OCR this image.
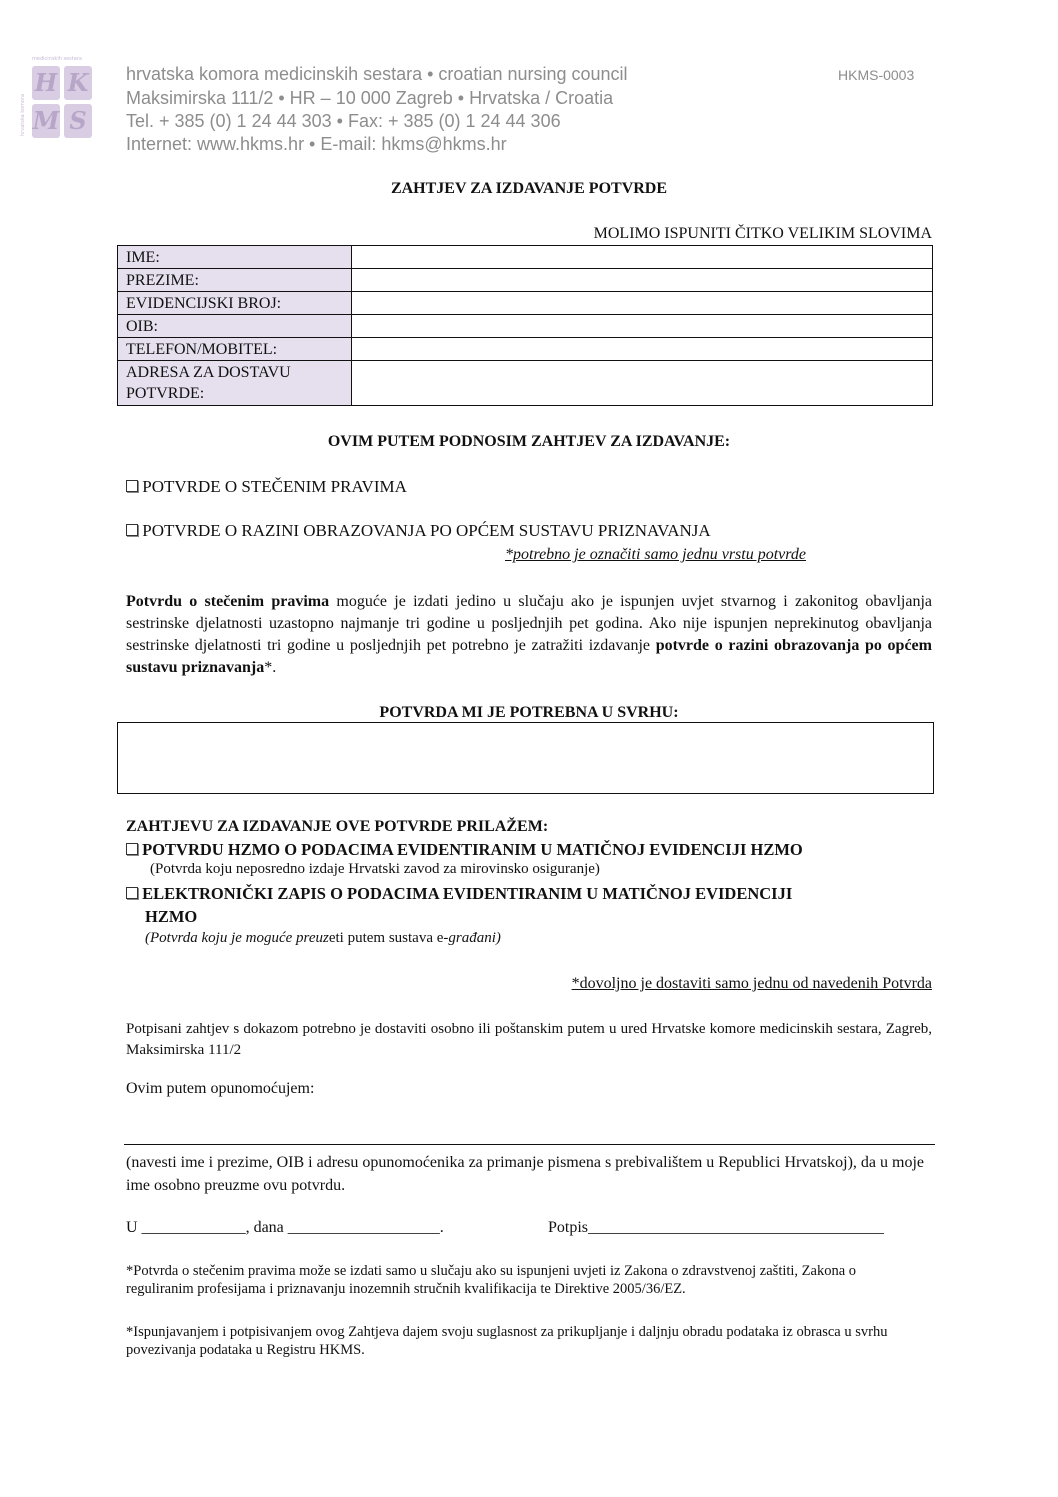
medicinskih sestara
hrvatska komora
H K
M S
hrvatska komora medicinskih sestara • croatian nursing council
Maksimirska 111/2 • HR – 10 000 Zagreb • Hrvatska / Croatia
Tel. + 385 (0) 1 24 44 303 • Fax: + 385 (0) 1 24 44 306
Internet: www.hkms.hr • E-mail: hkms@hkms.hr
HKMS-0003
ZAHTJEV ZA IZDAVANJE POTVRDE
MOLIMO ISPUNITI ČITKO VELIKIM SLOVIMA
IME:	
PREZIME:	
EVIDENCIJSKI BROJ:	
OIB:	
TELEFON/MOBITEL:	

ADRESA ZA DOSTAVU
POTVRDE:	

OVIM PUTEM PODNOSIM ZAHTJEV ZA IZDAVANJE:
POTVRDE O STEČENIM PRAVIMA
POTVRDE O RAZINI OBRAZOVANJA PO OPĆEM SUSTAVU PRIZNAVANJA
*potrebno je označiti samo jednu vrstu potvrde
Potvrdu o stečenim pravima moguće je izdati jedino u slučaju ako je ispunjen uvjet stvarnog i zakonitog obavljanja sestrinske djelatnosti uzastopno najmanje tri godine u posljednjih pet godina. Ako nije ispunjen neprekinutog obavljanja sestrinske djelatnosti tri godine u posljednjih pet potrebno je zatražiti izdavanje potvrde o razini obrazovanja po općem sustavu priznavanja*.
POTVRDA MI JE POTREBNA U SVRHU:
ZAHTJEVU ZA IZDAVANJE OVE POTVRDE PRILAŽEM:
POTVRDU HZMO O PODACIMA EVIDENTIRANIM U MATIČNOJ EVIDENCIJI HZMO
(Potvrda koju neposredno izdaje Hrvatski zavod za mirovinsko osiguranje)
ELEKTRONIČKI ZAPIS O PODACIMA EVIDENTIRANIM U MATIČNOJ EVIDENCIJI
HZMO
(Potvrda koju je moguće preuzeti putem sustava e-građani)
*dovoljno je dostaviti samo jednu od navedenih Potvrda
Potpisani zahtjev s dokazom potrebno je dostaviti osobno ili poštanskim putem u ured Hrvatske komore medicinskih sestara, Zagreb, Maksimirska 111/2
Ovim putem opunomoćujem:
(navesti ime i prezime, OIB i adresu opunomoćenika za primanje pismena s prebivalištem u Republici Hrvatskoj), da u moje ime osobno preuzme ovu potvrdu.
U _____________, dana ___________________.	Potpis_____________________________________
*Potvrda o stečenim pravima može se izdati samo u slučaju ako su ispunjeni uvjeti iz Zakona o zdravstvenoj zaštiti, Zakona o reguliranim profesijama i priznavanju inozemnih stručnih kvalifikacija te Direktive 2005/36/EZ.
*Ispunjavanjem i potpisivanjem ovog Zahtjeva dajem svoju suglasnost za prikupljanje i daljnju obradu podataka iz obrasca u svrhu povezivanja podataka u Registru HKMS.
